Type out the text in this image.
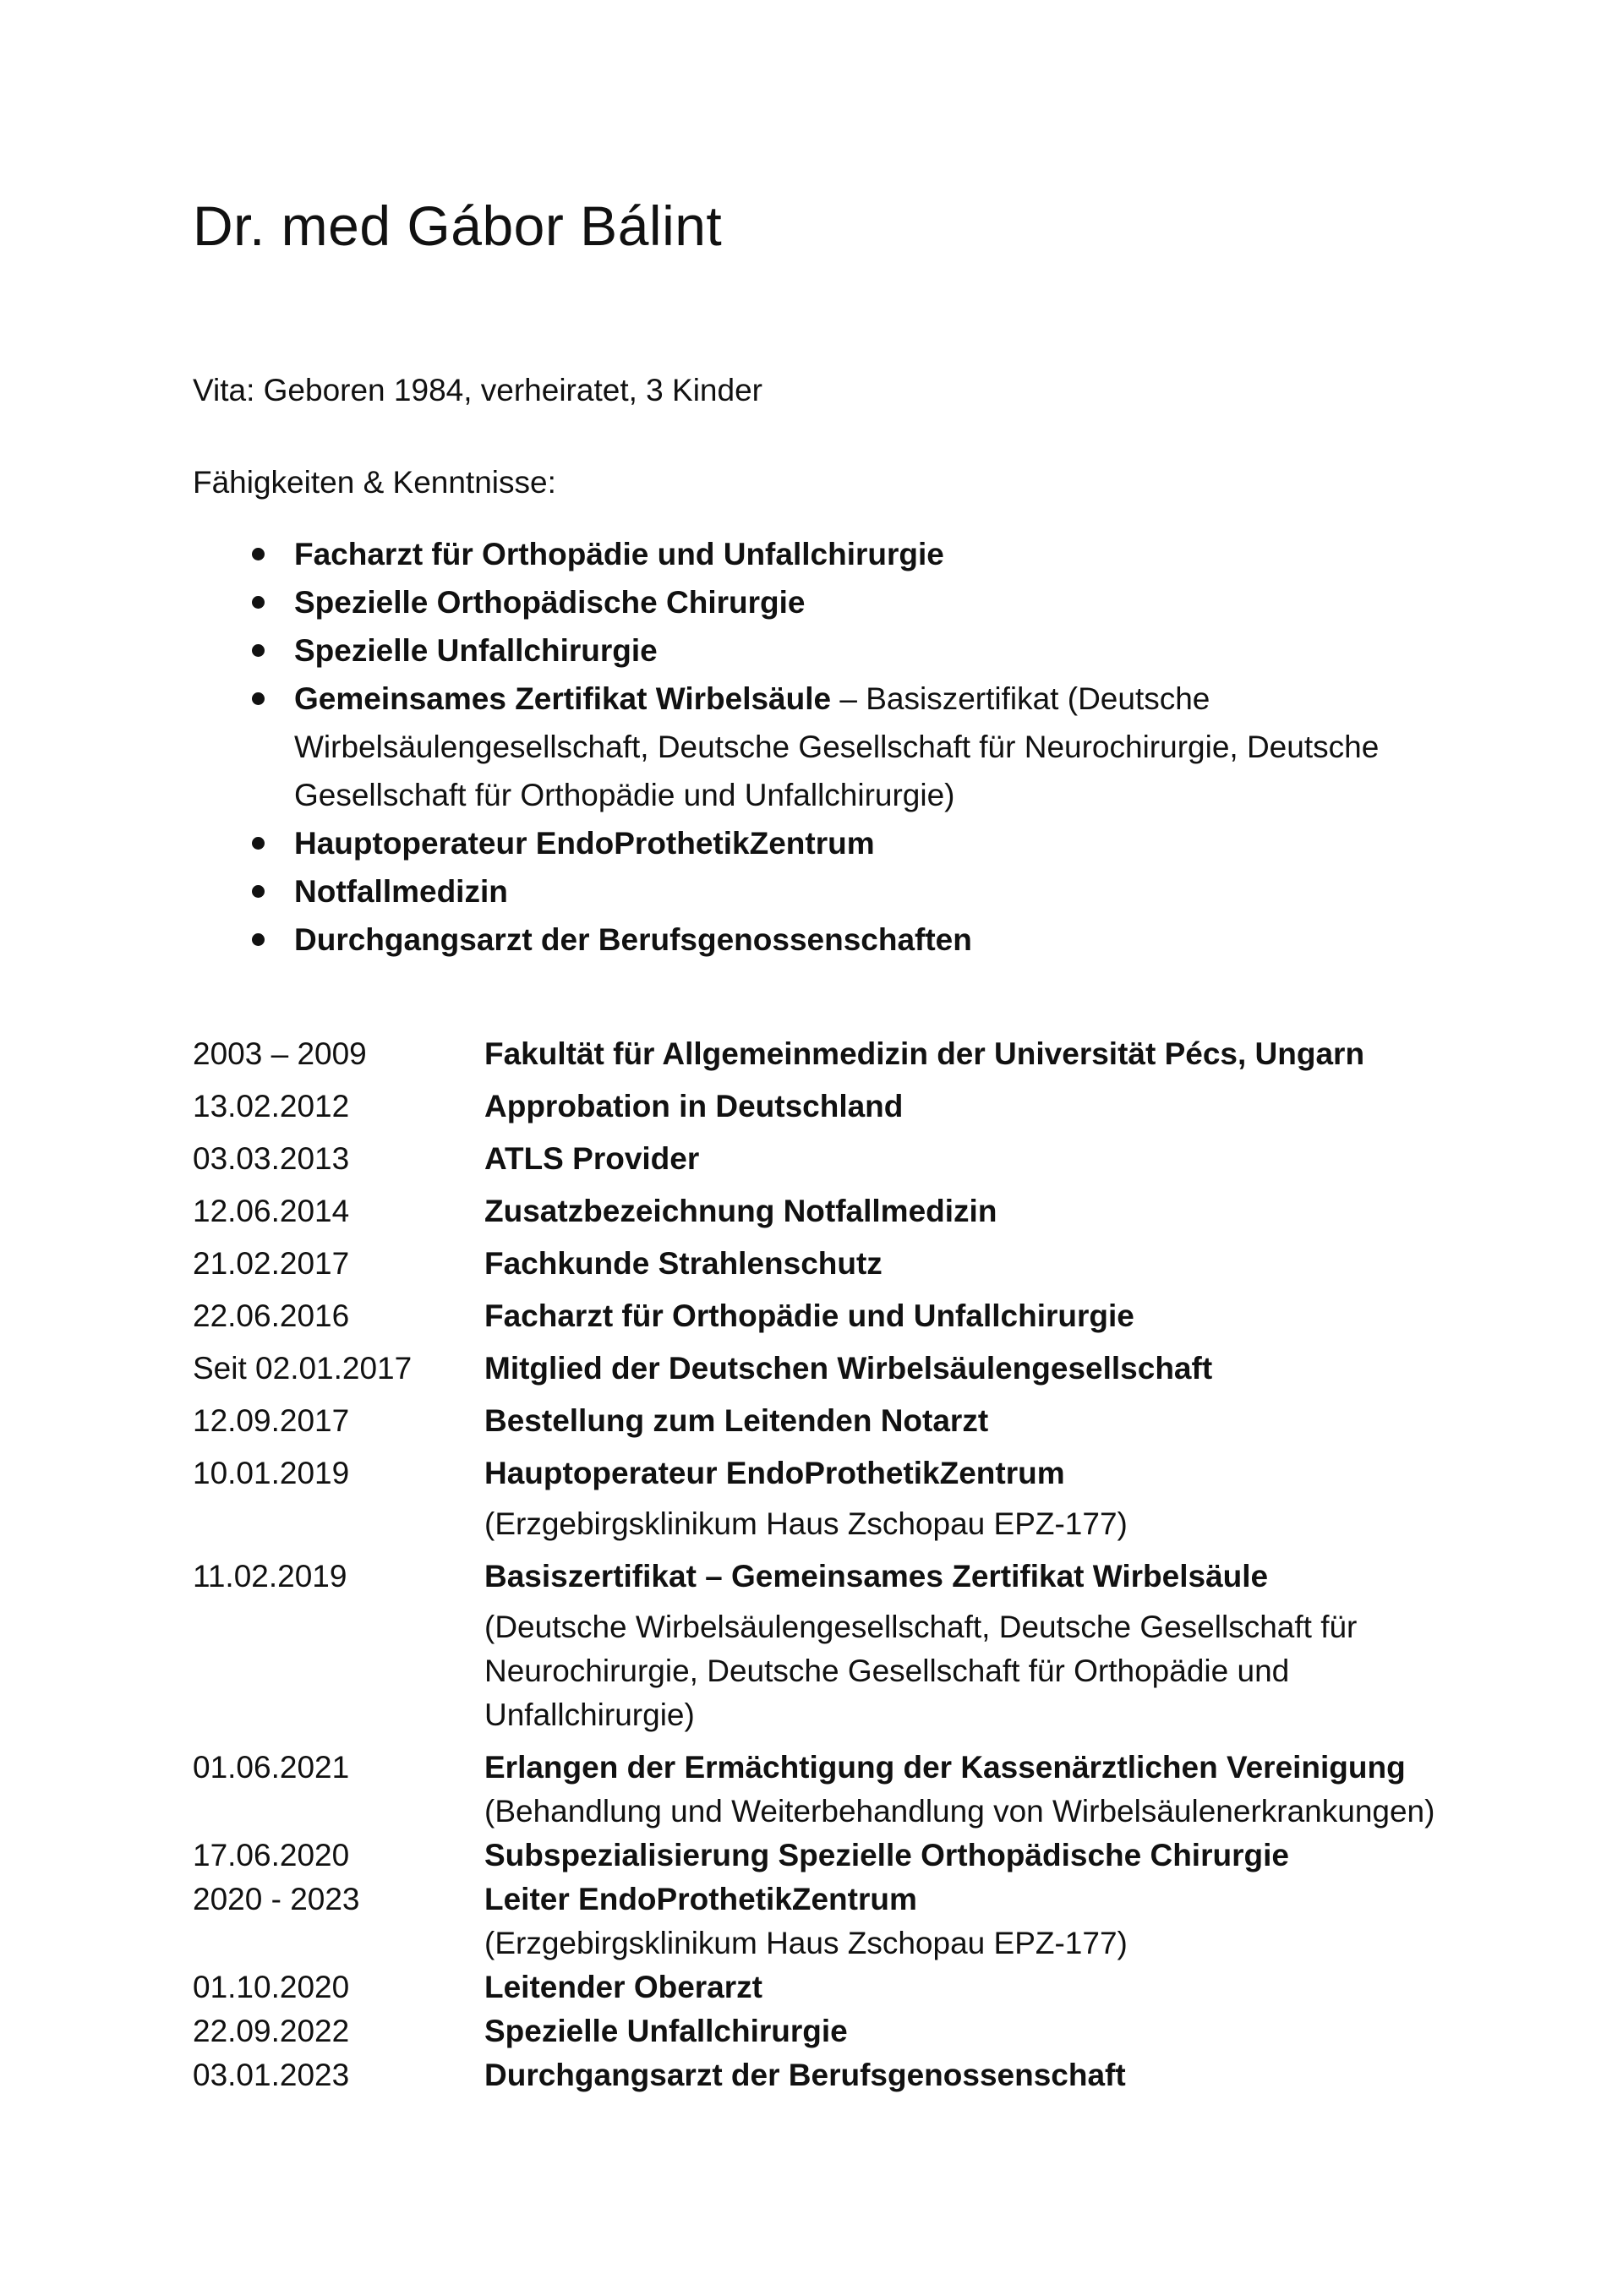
Dr. med Gábor Bálint
Vita: Geboren 1984, verheiratet, 3 Kinder
Fähigkeiten & Kenntnisse:
Facharzt für Orthopädie und Unfallchirurgie
Spezielle Orthopädische Chirurgie
Spezielle Unfallchirurgie
Gemeinsames Zertifikat Wirbelsäule – Basiszertifikat (Deutsche Wirbelsäulengesellschaft, Deutsche Gesellschaft für Neurochirurgie, Deutsche Gesellschaft für Orthopädie und Unfallchirurgie)
Hauptoperateur EndoProthetikZentrum
Notfallmedizin
Durchgangsarzt der Berufsgenossenschaften
2003 – 2009	Fakultät für Allgemeinmedizin der Universität Pécs, Ungarn
13.02.2012	Approbation in Deutschland
03.03.2013	ATLS Provider
12.06.2014	Zusatzbezeichnung Notfallmedizin
21.02.2017	Fachkunde Strahlenschutz
22.06.2016	Facharzt für Orthopädie und Unfallchirurgie
Seit 02.01.2017	Mitglied der Deutschen Wirbelsäulengesellschaft
12.09.2017	Bestellung zum Leitenden Notarzt
10.01.2019	Hauptoperateur EndoProthetikZentrum
(Erzgebirgsklinikum Haus Zschopau EPZ-177)
11.02.2019	Basiszertifikat – Gemeinsames Zertifikat Wirbelsäule
(Deutsche Wirbelsäulengesellschaft, Deutsche Gesellschaft für Neurochirurgie, Deutsche Gesellschaft für Orthopädie und Unfallchirurgie)
01.06.2021	Erlangen der Ermächtigung der Kassenärztlichen Vereinigung
(Behandlung und Weiterbehandlung von Wirbelsäulenerkrankungen)
17.06.2020	Subspezialisierung Spezielle Orthopädische Chirurgie
2020 - 2023	Leiter EndoProthetikZentrum
(Erzgebirgsklinikum Haus Zschopau EPZ-177)
01.10.2020	Leitender Oberarzt
22.09.2022	Spezielle Unfallchirurgie
03.01.2023	Durchgangsarzt der Berufsgenossenschaft
